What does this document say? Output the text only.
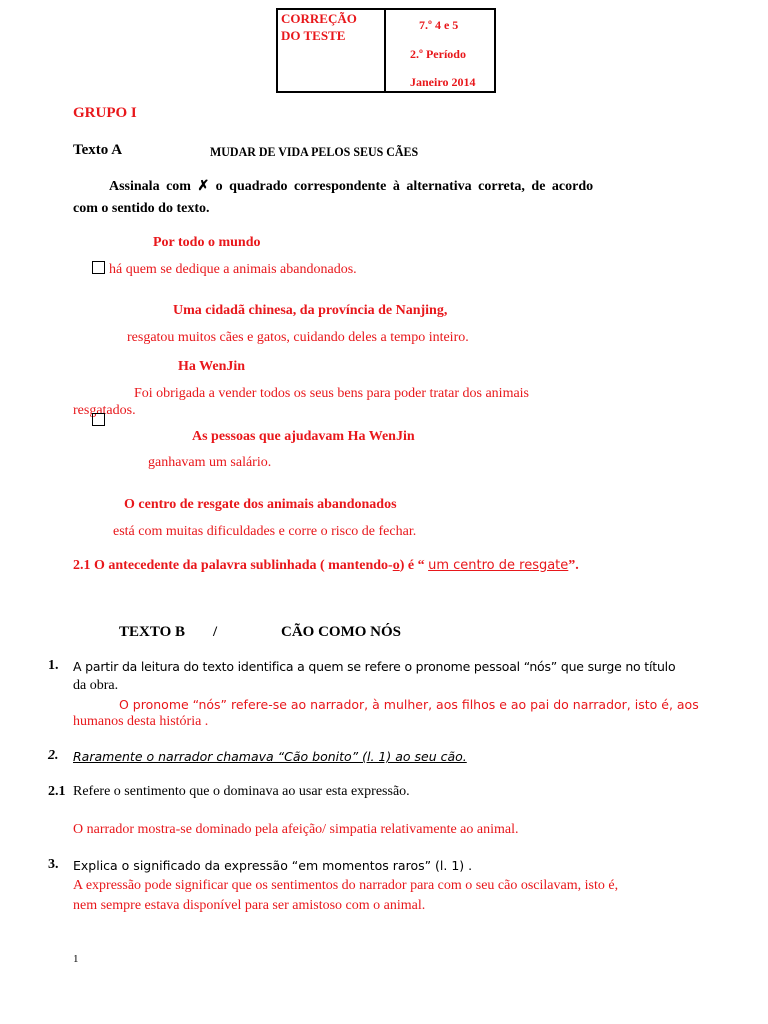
CORREÇÃO
DO TESTE
7.º 4 e 5
2.º Período
Janeiro 2014
GRUPO I
Texto A	MUDAR DE VIDA PELOS SEUS CÃES
Assinala com ✗ o quadrado correspondente à alternativa correta, de acordo
com o sentido do texto.
Por todo o mundo
há quem se dedique a animais abandonados.
Uma cidadã chinesa, da província de Nanjing,
resgatou muitos cães e gatos, cuidando deles a tempo inteiro.
Ha WenJin
Foi obrigada a vender todos os seus bens para poder tratar dos animais
resgatados.
As pessoas que ajudavam Ha WenJin
ganhavam um salário.
O centro de resgate dos animais abandonados
está com muitas dificuldades e corre o risco de fechar.
2.1 O antecedente da palavra sublinhada ( mantendo-o) é “ um centro de resgate”.
TEXTO B /	CÃO COMO NÓS
1. A partir da leitura do texto identifica a quem se refere o pronome pessoal “nós” que surge no título
da obra.
O pronome “nós” refere-se ao narrador, à mulher, aos filhos e ao pai do narrador, isto é, aos
humanos desta história .
2. Raramente o narrador chamava “Cão bonito” (l. 1) ao seu cão.
2.1 Refere o sentimento que o dominava ao usar esta expressão.
O narrador mostra-se dominado pela afeição/ simpatia relativamente ao animal.
3. Explica o significado da expressão “em momentos raros” (l. 1) .
A expressão pode significar que os sentimentos do narrador para com o seu cão oscilavam, isto é,
nem sempre estava disponível para ser amistoso com o animal.
1
